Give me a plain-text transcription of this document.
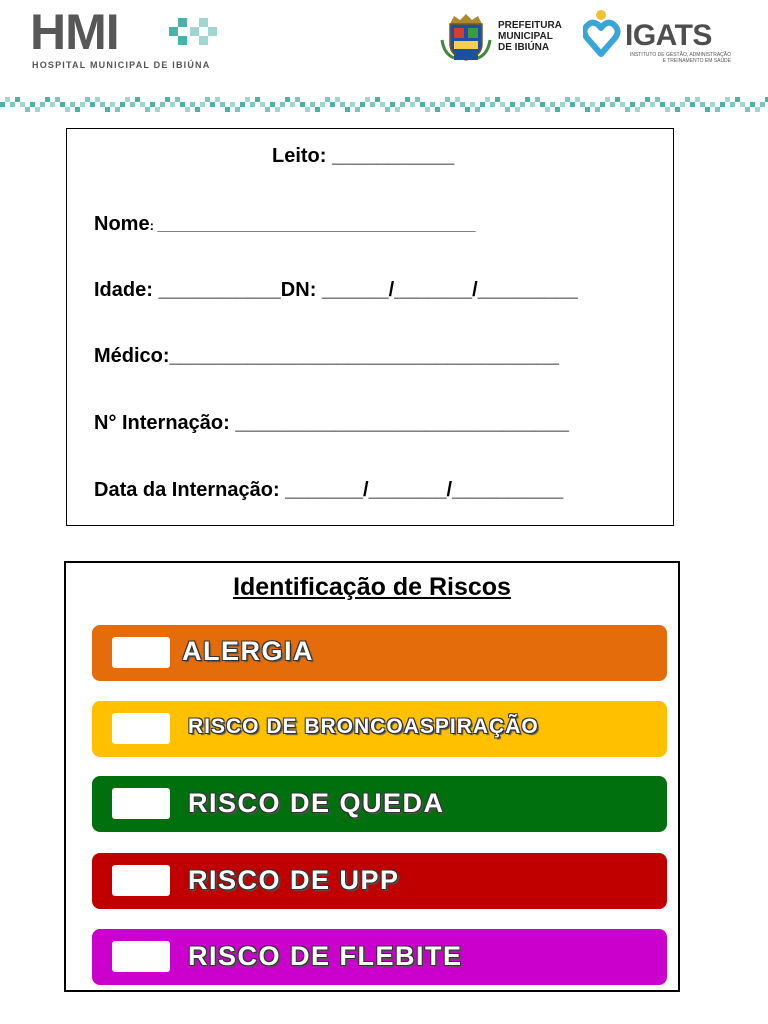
HMI
HOSPITAL MUNICIPAL DE IBIÚNA
PREFEITURA
MUNICIPAL
DE IBIÚNA	IGATS
INSTITUTO DE GESTÃO, ADMINISTRAÇÃO E TREINAMENTO EM SAÚDE
Leito: ___________
Nome: ____________________________________________
Idade: ___________DN: ______/_______/_________
Médico:___________________________________
N° Internação: ______________________________
Data da Internação: _______/_______/__________
Identificação de Riscos
ALERGIA
RISCO DE BRONCOASPIRAÇÃO
RISCO DE QUEDA
RISCO DE UPP
RISCO DE FLEBITE
